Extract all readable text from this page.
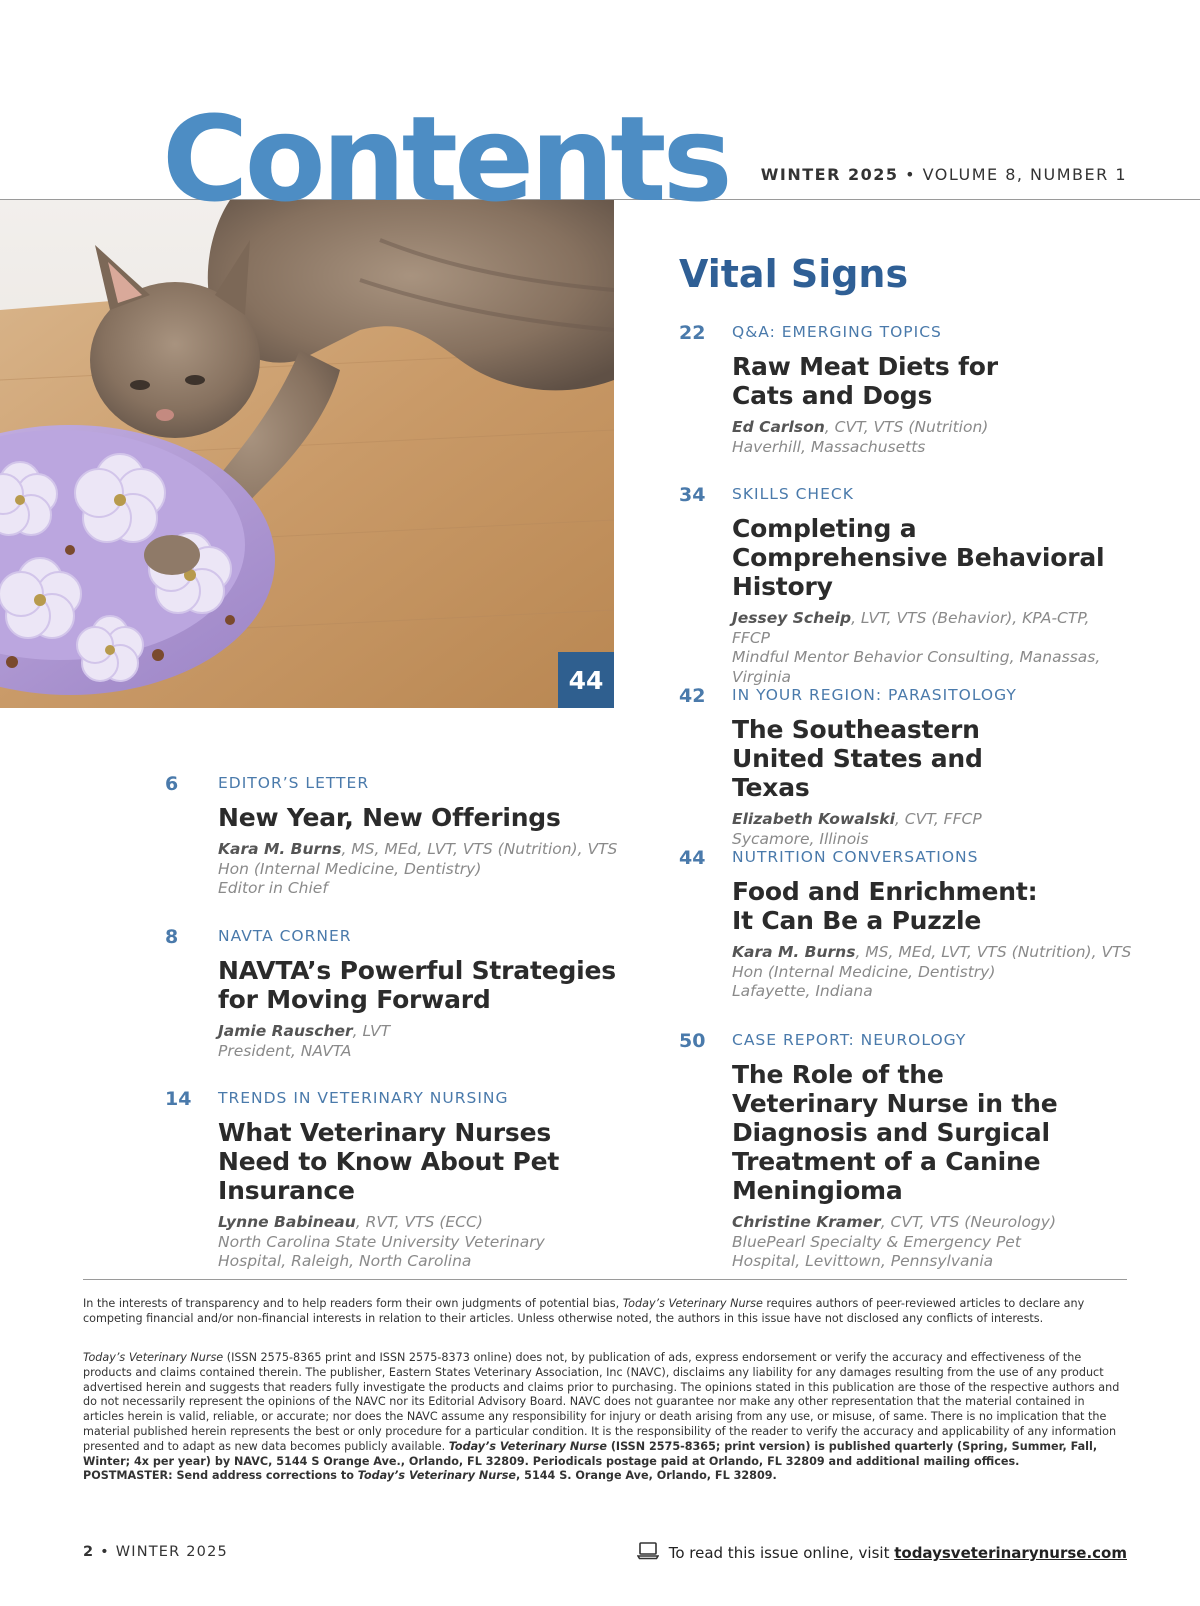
Contents WINTER 2025 • VOLUME 8, NUMBER 1
44
Vital Signs
6	EDITOR’S LETTER
New Year, New Offerings
Kara M. Burns, MS, MEd, LVT, VTS (Nutrition), VTS Hon (Internal Medicine, Dentistry)
Editor in Chief
8	NAVTA CORNER
NAVTA’s Powerful Strategies for Moving Forward
Jamie Rauscher, LVT
President, NAVTA
14 TRENDS IN VETERINARY NURSING
What Veterinary Nurses Need to Know About Pet Insurance
Lynne Babineau, RVT, VTS (ECC)
North Carolina State University Veterinary Hospital, Raleigh, North Carolina
22 Q&A: EMERGING TOPICS
Raw Meat Diets for Cats and Dogs
Ed Carlson, CVT, VTS (Nutrition)
Haverhill, Massachusetts
34 SKILLS CHECK
Completing a Comprehensive Behavioral History
Jessey Scheip, LVT, VTS (Behavior), KPA-CTP, FFCP
Mindful Mentor Behavior Consulting, Manassas, Virginia
42 IN YOUR REGION: PARASITOLOGY
The Southeastern United States and Texas
Elizabeth Kowalski, CVT, FFCP
Sycamore, Illinois
44 NUTRITION CONVERSATIONS
Food and Enrichment: It Can Be a Puzzle
Kara M. Burns, MS, MEd, LVT, VTS (Nutrition), VTS Hon (Internal Medicine, Dentistry)
Lafayette, Indiana
50 CASE REPORT: NEUROLOGY
The Role of the Veterinary Nurse in the Diagnosis and Surgical Treatment of a Canine Meningioma
Christine Kramer, CVT, VTS (Neurology)
BluePearl Specialty & Emergency Pet Hospital, Levittown, Pennsylvania
In the interests of transparency and to help readers form their own judgments of potential bias, Today’s Veterinary Nurse requires authors of peer-reviewed articles to declare any competing financial and/or non-financial interests in relation to their articles. Unless otherwise noted, the authors in this issue have not disclosed any conflicts of interests.
Today’s Veterinary Nurse (ISSN 2575-8365 print and ISSN 2575-8373 online) does not, by publication of ads, express endorsement or verify the accuracy and effectiveness of the products and claims contained therein. The publisher, Eastern States Veterinary Association, Inc (NAVC), disclaims any liability for any damages resulting from the use of any product advertised herein and suggests that readers fully investigate the products and claims prior to purchasing. The opinions stated in this publication are those of the respective authors and do not necessarily represent the opinions of the NAVC nor its Editorial Advisory Board. NAVC does not guarantee nor make any other representation that the material contained in articles herein is valid, reliable, or accurate; nor does the NAVC assume any responsibility for injury or death arising from any use, or misuse, of same. There is no implication that the material published herein represents the best or only procedure for a particular condition. It is the responsibility of the reader to verify the accuracy and applicability of any information presented and to adapt as new data becomes publicly available. Today’s Veterinary Nurse (ISSN 2575-8365; print version) is published quarterly (Spring, Summer, Fall, Winter; 4x per year) by NAVC, 5144 S Orange Ave., Orlando, FL 32809. Periodicals postage paid at Orlando, FL 32809 and additional mailing offices.
POSTMASTER: Send address corrections to Today’s Veterinary Nurse, 5144 S. Orange Ave, Orlando, FL 32809.
2 • WINTER 2025	To read this issue online, visit todaysveterinarynurse.com
